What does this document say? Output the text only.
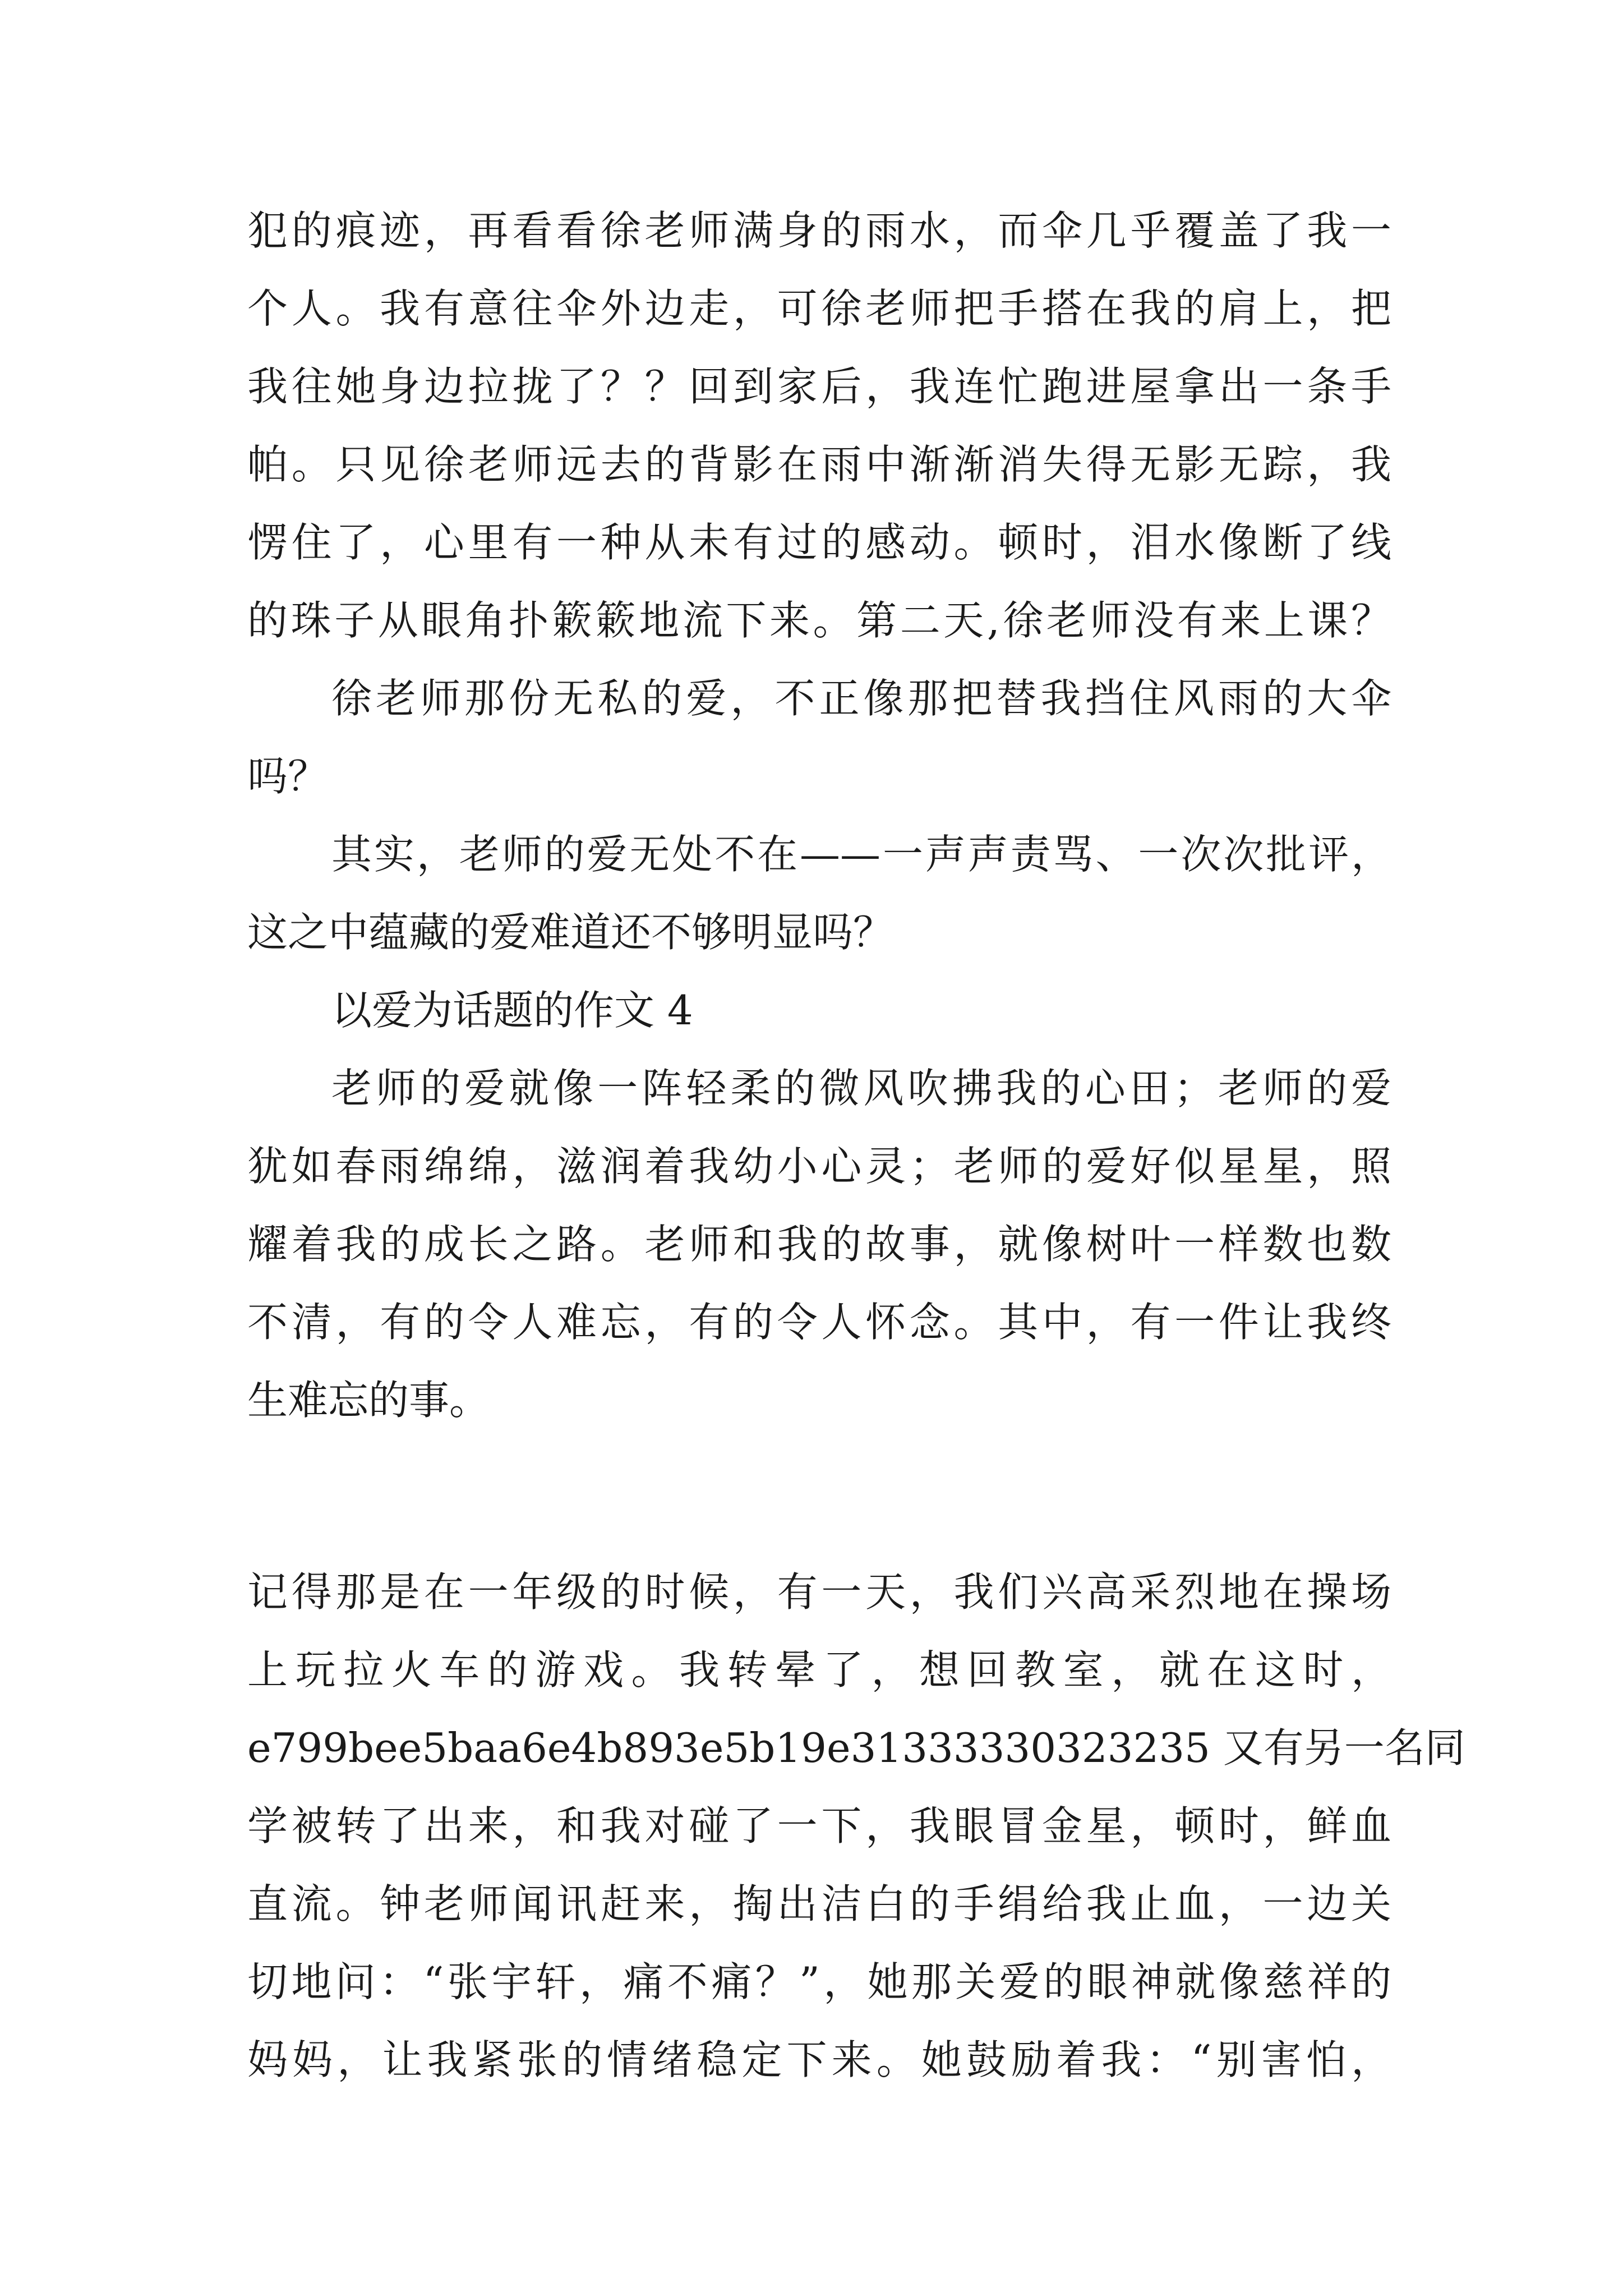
犯的痕迹，再看看徐老师满身的雨水，而伞几乎覆盖了我一
个人。我有意往伞外边走，可徐老师把手搭在我的肩上，把
我往她身边拉拢了？？回到家后，我连忙跑进屋拿出一条手
帕。只见徐老师远去的背影在雨中渐渐消失得无影无踪，我
愣住了，心里有一种从未有过的感动。顿时，泪水像断了线
的珠子从眼角扑簌簌地流下来。第二天,徐老师没有来上课？
徐老师那份无私的爱，不正像那把替我挡住风雨的大伞
吗？
其实，老师的爱无处不在——一声声责骂、一次次批评，
这之中蕴藏的爱难道还不够明显吗？
以爱为话题的作文 4
老师的爱就像一阵轻柔的微风吹拂我的心田；老师的爱
犹如春雨绵绵，滋润着我幼小心灵；老师的爱好似星星，照
耀着我的成长之路。老师和我的故事，就像树叶一样数也数
不清，有的令人难忘，有的令人怀念。其中，有一件让我终
生难忘的事。
记得那是在一年级的时候，有一天，我们兴高采烈地在操场
上玩拉火车的游戏。我转晕了，想回教室，就在这时，
e799bee5baa6e4b893e5b19e31333330323235 又有另一名同
学被转了出来，和我对碰了一下，我眼冒金星，顿时，鲜血
直流。钟老师闻讯赶来，掏出洁白的手绢给我止血，一边关
切地问：“张宇轩，痛不痛？”，她那关爱的眼神就像慈祥的
妈妈，让我紧张的情绪稳定下来。她鼓励着我：“别害怕，
